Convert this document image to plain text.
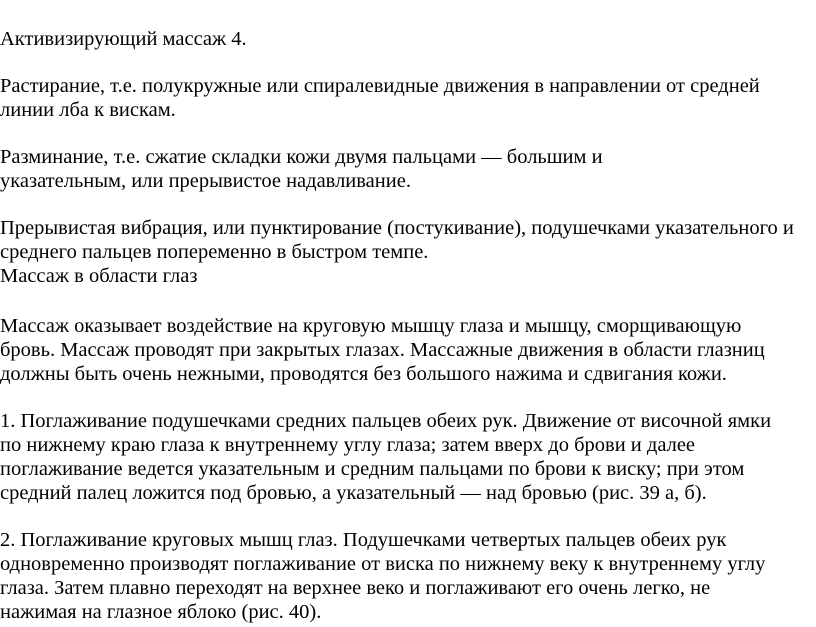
Активизирующий массаж 4.
Растирание, т.е. полукружные или спиралевидные движения в направлении от средней
линии лба к вискам.
Разминание, т.е. сжатие складки кожи двумя пальцами — большим и
указательным, или прерывистое надавливание.
Прерывистая вибрация, или пунктирование (постукивание), подушечками указательного и
среднего пальцев попеременно в быстром темпе.
Массаж в области глаз
Массаж оказывает воздействие на круговую мышцу глаза и мышцу, сморщивающую
бровь. Массаж проводят при закрытых глазах. Массажные движения в области глазниц
должны быть очень нежными, проводятся без большого нажима и сдвигания кожи.
1. Поглаживание подушечками средних пальцев обеих рук. Движение от височной ямки
по нижнему краю глаза к внутреннему углу глаза; затем вверх до брови и далее
поглаживание ведется указательным и средним пальцами по брови к виску; при этом
средний палец ложится под бровью, а указательный — над бровью (рис. 39 а, б).
2. Поглаживание круговых мышц глаз. Подушечками четвертых пальцев обеих рук
одновременно производят поглаживание от виска по нижнему веку к внутреннему углу
глаза. Затем плавно переходят на верхнее веко и поглаживают его очень легко, не
нажимая на глазное яблоко (рис. 40).
